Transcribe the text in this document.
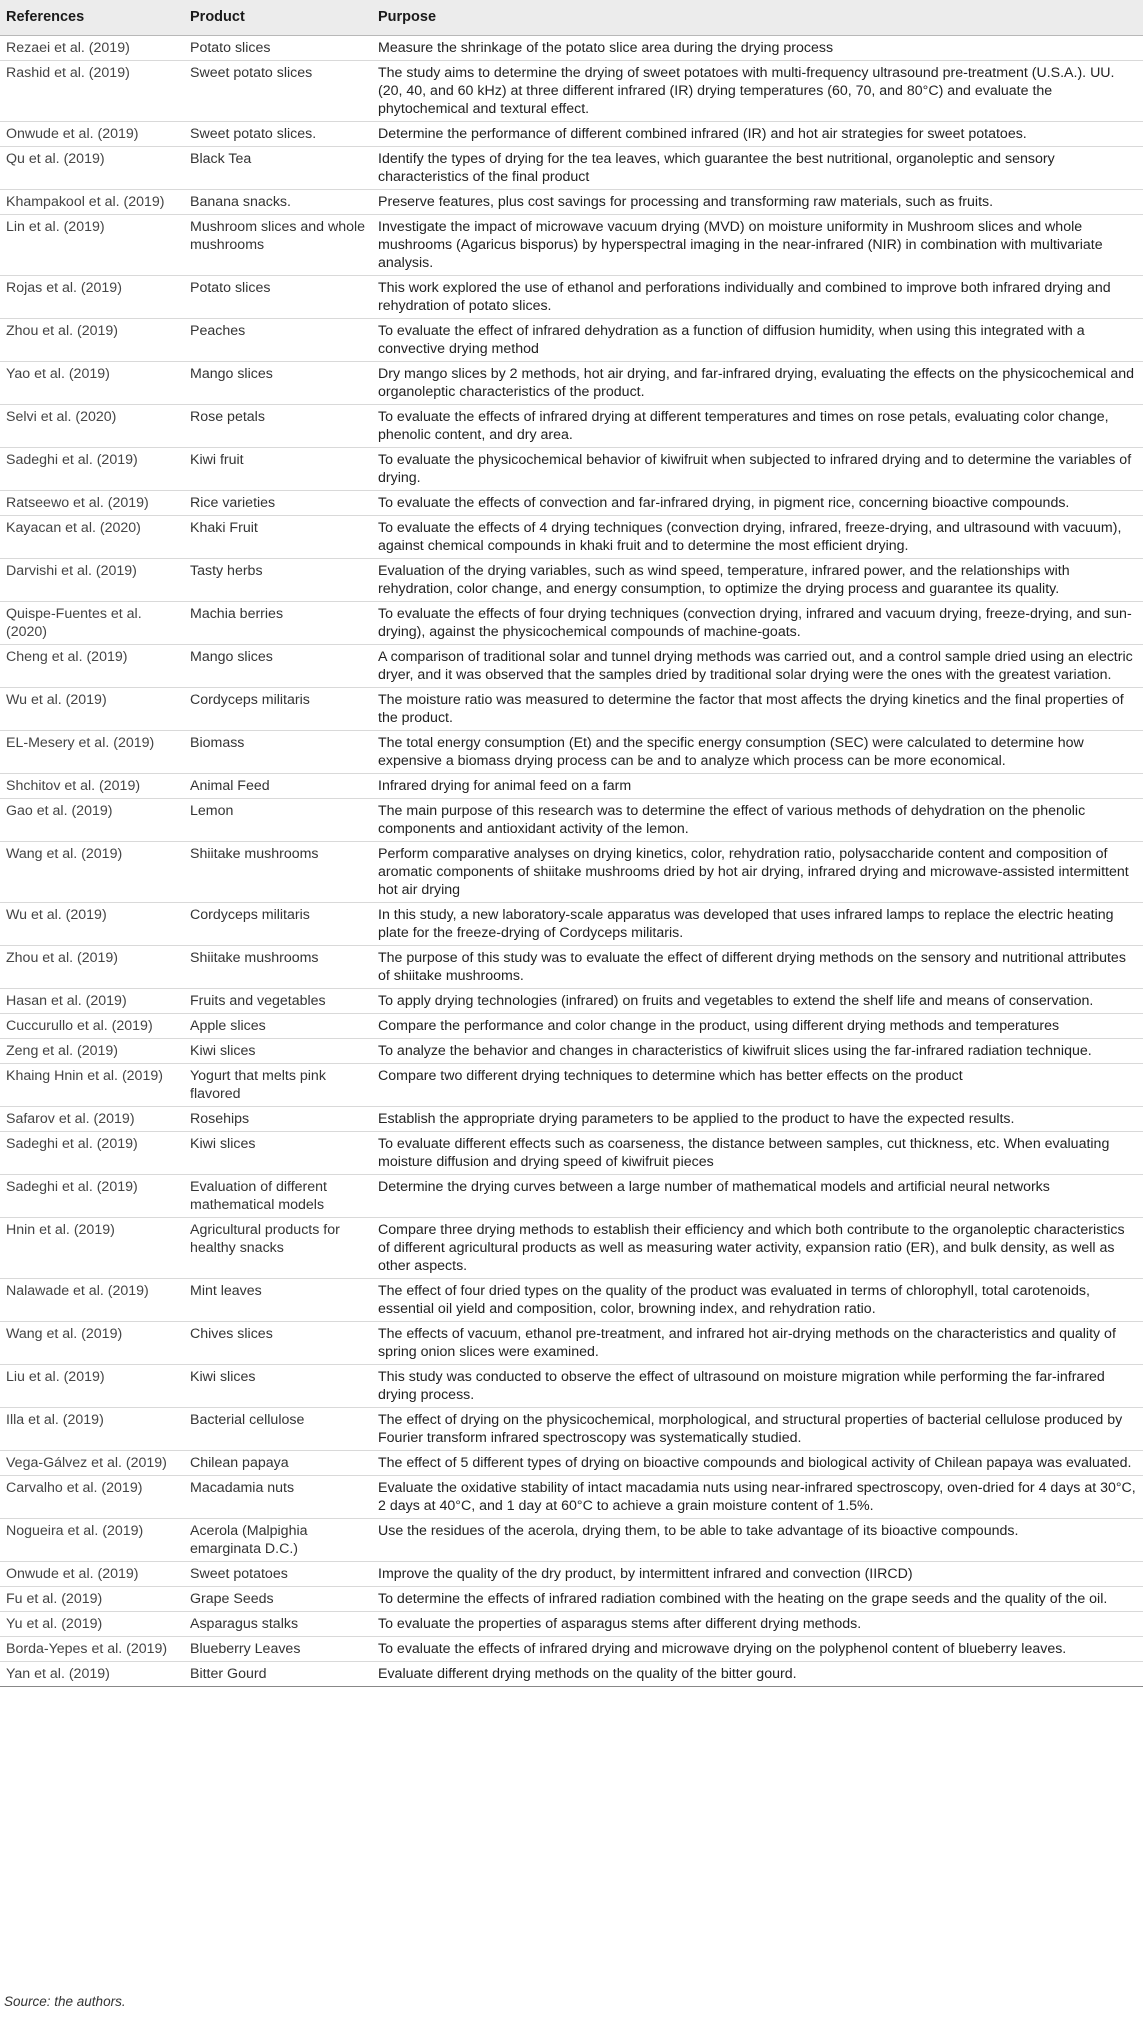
References	Product	Purpose
Rezaei et al. (2019)	Potato slices	Measure the shrinkage of the potato slice area during the drying process
Rashid et al. (2019)	Sweet potato slices	The study aims to determine the drying of sweet potatoes with multi-frequency ultrasound pre-treatment (U.S.A.). UU. (20, 40, and 60 kHz) at three different infrared (IR) drying temperatures (60, 70, and 80°C) and evaluate the phytochemical and textural effect.
Onwude et al. (2019)	Sweet potato slices.	Determine the performance of different combined infrared (IR) and hot air strategies for sweet potatoes.
Qu et al. (2019)	Black Tea	Identify the types of drying for the tea leaves, which guarantee the best nutritional, organoleptic and sensory characteristics of the final product
Khampakool et al. (2019)	Banana snacks.	Preserve features, plus cost savings for processing and transforming raw materials, such as fruits.
Lin et al. (2019)	Mushroom slices and whole mushrooms	Investigate the impact of microwave vacuum drying (MVD) on moisture uniformity in Mushroom slices and whole mushrooms (Agaricus bisporus) by hyperspectral imaging in the near-infrared (NIR) in combination with multivariate analysis.
Rojas et al. (2019)	Potato slices	This work explored the use of ethanol and perforations individually and combined to improve both infrared drying and rehydration of potato slices.
Zhou et al. (2019)	Peaches	To evaluate the effect of infrared dehydration as a function of diffusion humidity, when using this integrated with a convective drying method
Yao et al. (2019)	Mango slices	Dry mango slices by 2 methods, hot air drying, and far-infrared drying, evaluating the effects on the physicochemical and organoleptic characteristics of the product.
Selvi et al. (2020)	Rose petals	To evaluate the effects of infrared drying at different temperatures and times on rose petals, evaluating color change, phenolic content, and dry area.
Sadeghi et al. (2019)	Kiwi fruit	To evaluate the physicochemical behavior of kiwifruit when subjected to infrared drying and to determine the variables of drying.
Ratseewo et al. (2019)	Rice varieties	To evaluate the effects of convection and far-infrared drying, in pigment rice, concerning bioactive compounds.
Kayacan et al. (2020)	Khaki Fruit	To evaluate the effects of 4 drying techniques (convection drying, infrared, freeze-drying, and ultrasound with vacuum), against chemical compounds in khaki fruit and to determine the most efficient drying.
Darvishi et al. (2019)	Tasty herbs	Evaluation of the drying variables, such as wind speed, temperature, infrared power, and the relationships with rehydration, color change, and energy consumption, to optimize the drying process and guarantee its quality.
Quispe-Fuentes et al. (2020)	Machia berries	To evaluate the effects of four drying techniques (convection drying, infrared and vacuum drying, freeze-drying, and sun-drying), against the physicochemical compounds of machine-goats.
Cheng et al. (2019)	Mango slices	A comparison of traditional solar and tunnel drying methods was carried out, and a control sample dried using an electric dryer, and it was observed that the samples dried by traditional solar drying were the ones with the greatest variation.
Wu et al. (2019)	Cordyceps militaris	The moisture ratio was measured to determine the factor that most affects the drying kinetics and the final properties of the product.
EL-Mesery et al. (2019)	Biomass	The total energy consumption (Et) and the specific energy consumption (SEC) were calculated to determine how expensive a biomass drying process can be and to analyze which process can be more economical.
Shchitov et al. (2019)	Animal Feed	Infrared drying for animal feed on a farm
Gao et al. (2019)	Lemon	The main purpose of this research was to determine the effect of various methods of dehydration on the phenolic components and antioxidant activity of the lemon.
Wang et al. (2019)	Shiitake mushrooms	Perform comparative analyses on drying kinetics, color, rehydration ratio, polysaccharide content and composition of aromatic components of shiitake mushrooms dried by hot air drying, infrared drying and microwave-assisted intermittent hot air drying
Wu et al. (2019)	Cordyceps militaris	In this study, a new laboratory-scale apparatus was developed that uses infrared lamps to replace the electric heating plate for the freeze-drying of Cordyceps militaris.
Zhou et al. (2019)	Shiitake mushrooms	The purpose of this study was to evaluate the effect of different drying methods on the sensory and nutritional attributes of shiitake mushrooms.
Hasan et al. (2019)	Fruits and vegetables	To apply drying technologies (infrared) on fruits and vegetables to extend the shelf life and means of conservation.
Cuccurullo et al. (2019)	Apple slices	Compare the performance and color change in the product, using different drying methods and temperatures
Zeng et al. (2019)	Kiwi slices	To analyze the behavior and changes in characteristics of kiwifruit slices using the far-infrared radiation technique.
Khaing Hnin et al. (2019)	Yogurt that melts pink flavored	Compare two different drying techniques to determine which has better effects on the product
Safarov et al. (2019)	Rosehips	Establish the appropriate drying parameters to be applied to the product to have the expected results.
Sadeghi et al. (2019)	Kiwi slices	To evaluate different effects such as coarseness, the distance between samples, cut thickness, etc. When evaluating moisture diffusion and drying speed of kiwifruit pieces
Sadeghi et al. (2019)	Evaluation of different mathematical models	Determine the drying curves between a large number of mathematical models and artificial neural networks
Hnin et al. (2019)	Agricultural products for healthy snacks	Compare three drying methods to establish their efficiency and which both contribute to the organoleptic characteristics of different agricultural products as well as measuring water activity, expansion ratio (ER), and bulk density, as well as other aspects.
Nalawade et al. (2019)	Mint leaves	The effect of four dried types on the quality of the product was evaluated in terms of chlorophyll, total carotenoids, essential oil yield and composition, color, browning index, and rehydration ratio.
Wang et al. (2019)	Chives slices	The effects of vacuum, ethanol pre-treatment, and infrared hot air-drying methods on the characteristics and quality of spring onion slices were examined.
Liu et al. (2019)	Kiwi slices	This study was conducted to observe the effect of ultrasound on moisture migration while performing the far-infrared drying process.
Illa et al. (2019)	Bacterial cellulose	The effect of drying on the physicochemical, morphological, and structural properties of bacterial cellulose produced by Fourier transform infrared spectroscopy was systematically studied.
Vega-Gálvez et al. (2019)	Chilean papaya	The effect of 5 different types of drying on bioactive compounds and biological activity of Chilean papaya was evaluated.
Carvalho et al. (2019)	Macadamia nuts	Evaluate the oxidative stability of intact macadamia nuts using near-infrared spectroscopy, oven-dried for 4 days at 30°C, 2 days at 40°C, and 1 day at 60°C to achieve a grain moisture content of 1.5%.
Nogueira et al. (2019)	Acerola (Malpighia emarginata D.C.)	Use the residues of the acerola, drying them, to be able to take advantage of its bioactive compounds.
Onwude et al. (2019)	Sweet potatoes	Improve the quality of the dry product, by intermittent infrared and convection (IIRCD)
Fu et al. (2019)	Grape Seeds	To determine the effects of infrared radiation combined with the heating on the grape seeds and the quality of the oil.
Yu et al. (2019)	Asparagus stalks	To evaluate the properties of asparagus stems after different drying methods.
Borda-Yepes et al. (2019)	Blueberry Leaves	To evaluate the effects of infrared drying and microwave drying on the polyphenol content of blueberry leaves.
Yan et al. (2019)	Bitter Gourd	Evaluate different drying methods on the quality of the bitter gourd.
Source: the authors.
